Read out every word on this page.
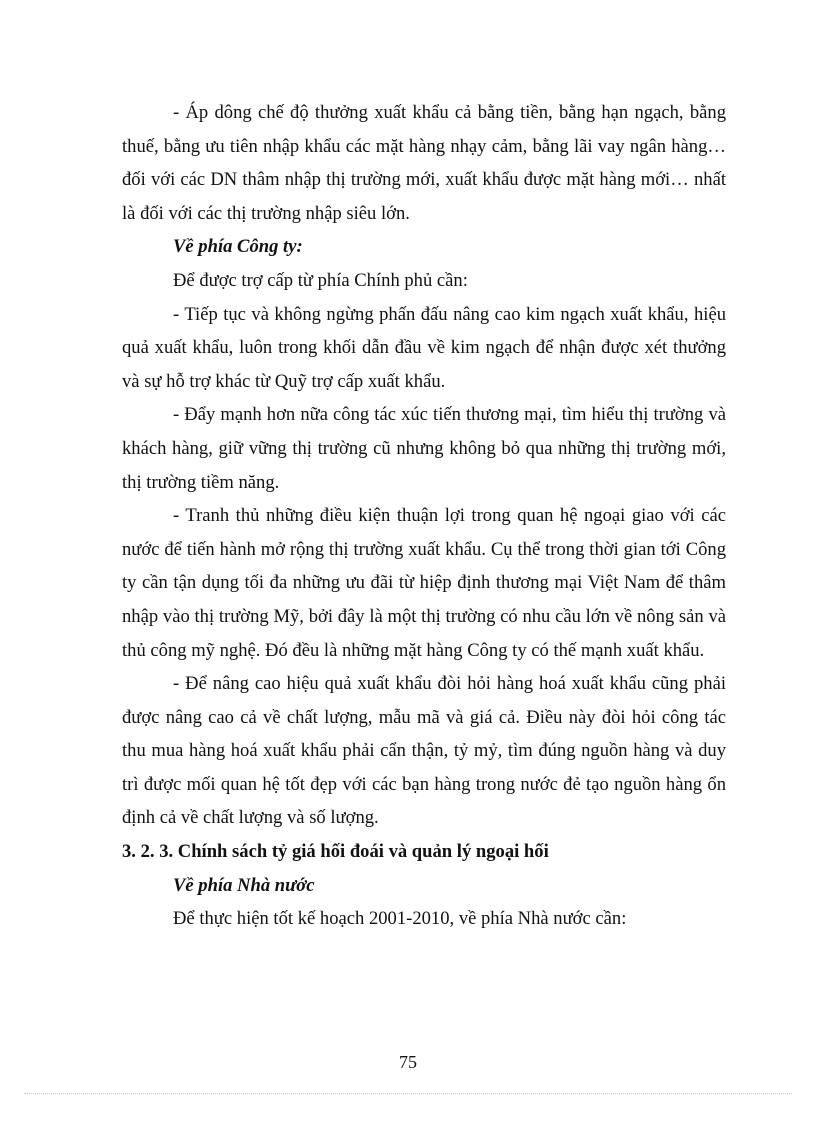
- Áp dông chế độ thưởng xuất khẩu cả bằng tiền, bằng hạn ngạch, bằng thuế, bằng ưu tiên nhập khẩu các mặt hàng nhạy cảm, bằng lãi vay ngân hàng… đối với các DN thâm nhập thị trường mới, xuất khẩu được mặt hàng mới… nhất là đối với các thị trường nhập siêu lớn.

Về phía Công ty:

Để được trợ cấp từ phía Chính phủ cần:

- Tiếp tục và không ngừng phấn đấu nâng cao kim ngạch xuất khẩu, hiệu quả xuất khẩu, luôn trong khối dẫn đầu về kim ngạch để nhận được xét thưởng và sự hỗ trợ khác từ Quỹ trợ cấp xuất khẩu.

- Đẩy mạnh hơn nữa công tác xúc tiến thương mại, tìm hiểu thị trường và khách hàng, giữ vững thị trường cũ nhưng không bỏ qua những thị trường mới, thị trường tiềm năng.

- Tranh thủ những điều kiện thuận lợi trong quan hệ ngoại giao với các nước để tiến hành mở rộng thị trường xuất khẩu. Cụ thể trong thời gian tới Công ty cần tận dụng tối đa những ưu đãi từ hiệp định thương mại Việt Nam để thâm nhập vào thị trường Mỹ, bởi đây là một thị trường có nhu cầu lớn về nông sản và thủ công mỹ nghệ. Đó đều là những mặt hàng Công ty có thế mạnh xuất khẩu.

- Để nâng cao hiệu quả xuất khẩu đòi hỏi hàng hoá xuất khẩu cũng phải được nâng cao cả về chất lượng, mẫu mã và giá cả. Điều này đòi hỏi công tác thu mua hàng hoá xuất khẩu phải cẩn thận, tỷ mỷ, tìm đúng nguồn hàng và duy trì được mối quan hệ tốt đẹp với các bạn hàng trong nước đẻ tạo nguồn hàng ổn định cả về chất lượng và số lượng.

3. 2. 3. Chính sách tỷ giá hối đoái và quản lý ngoại hối

Về phía Nhà nước

Để thực hiện tốt kế hoạch 2001-2010, về phía Nhà nước cần:

75
